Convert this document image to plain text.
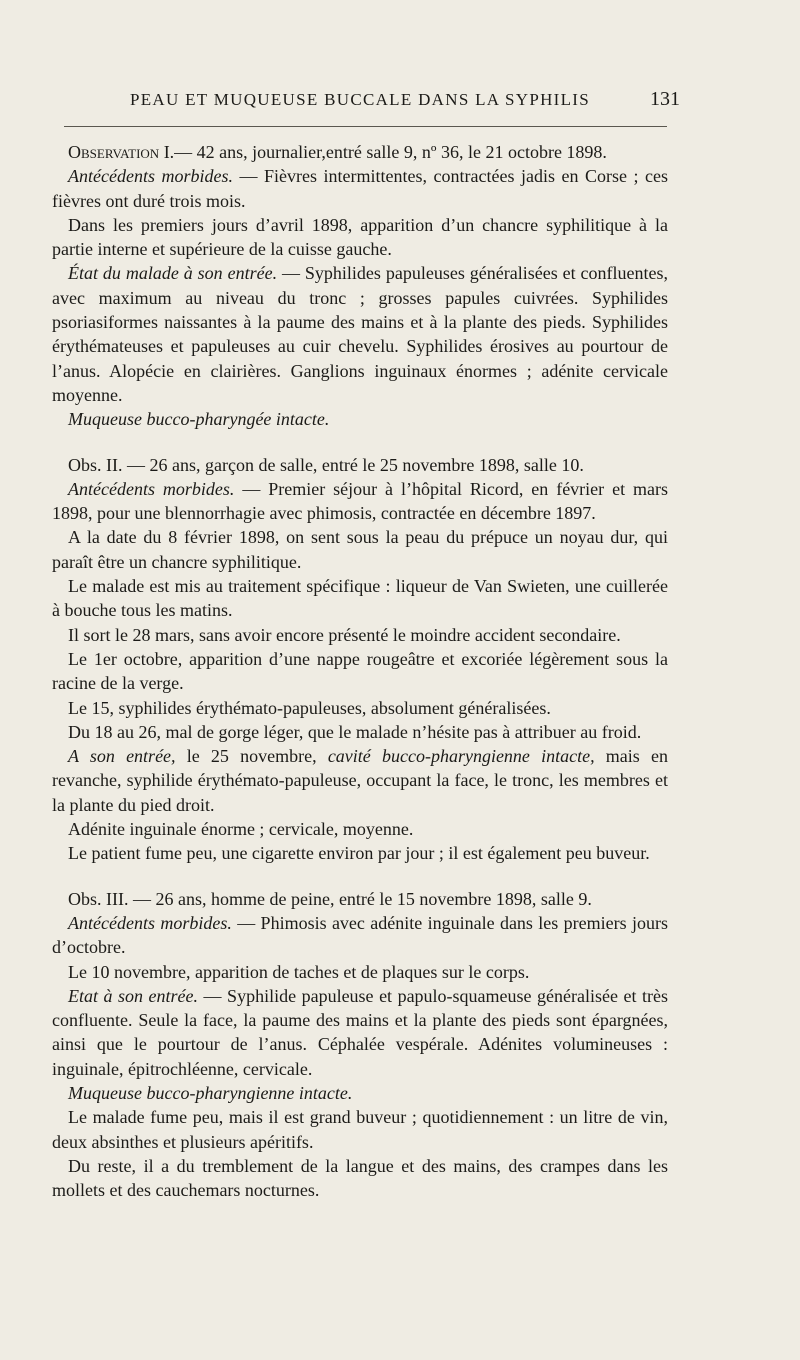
PEAU ET MUQUEUSE BUCCALE DANS LA SYPHILIS	131

Observation I.— 42 ans, journalier,entré salle 9, nº 36, le 21 octobre 1898.

Antécédents morbides. — Fièvres intermittentes, contractées jadis en Corse ; ces fièvres ont duré trois mois.

Dans les premiers jours d’avril 1898, apparition d’un chancre syphilitique à la partie interne et supérieure de la cuisse gauche.

État du malade à son entrée. — Syphilides papuleuses généralisées et confluentes, avec maximum au niveau du tronc ; grosses papules cuivrées. Syphilides psoriasiformes naissantes à la paume des mains et à la plante des pieds. Syphilides érythémateuses et papuleuses au cuir chevelu. Syphilides érosives au pourtour de l’anus. Alopécie en clairières. Ganglions inguinaux énormes ; adénite cervicale moyenne.

Muqueuse bucco-pharyngée intacte.

Obs. II. — 26 ans, garçon de salle, entré le 25 novembre 1898, salle 10.

Antécédents morbides. — Premier séjour à l’hôpital Ricord, en février et mars 1898, pour une blennorrhagie avec phimosis, contractée en décembre 1897.

A la date du 8 février 1898, on sent sous la peau du prépuce un noyau dur, qui paraît être un chancre syphilitique.

Le malade est mis au traitement spécifique : liqueur de Van Swieten, une cuillerée à bouche tous les matins.

Il sort le 28 mars, sans avoir encore présenté le moindre accident secondaire.

Le 1er octobre, apparition d’une nappe rougeâtre et excoriée légèrement sous la racine de la verge.

Le 15, syphilides érythémato-papuleuses, absolument généralisées.

Du 18 au 26, mal de gorge léger, que le malade n’hésite pas à attribuer au froid.

A son entrée, le 25 novembre, cavité bucco-pharyngienne intacte, mais en revanche, syphilide érythémato-papuleuse, occupant la face, le tronc, les membres et la plante du pied droit.

Adénite inguinale énorme ; cervicale, moyenne.

Le patient fume peu, une cigarette environ par jour ; il est également peu buveur.

Obs. III. — 26 ans, homme de peine, entré le 15 novembre 1898, salle 9.

Antécédents morbides. — Phimosis avec adénite inguinale dans les premiers jours d’octobre.

Le 10 novembre, apparition de taches et de plaques sur le corps.

Etat à son entrée. — Syphilide papuleuse et papulo-squameuse généralisée et très confluente. Seule la face, la paume des mains et la plante des pieds sont épargnées, ainsi que le pourtour de l’anus. Céphalée vespérale. Adénites volumineuses : inguinale, épitrochléenne, cervicale.

Muqueuse bucco-pharyngienne intacte.

Le malade fume peu, mais il est grand buveur ; quotidiennement : un litre de vin, deux absinthes et plusieurs apéritifs.

Du reste, il a du tremblement de la langue et des mains, des crampes dans les mollets et des cauchemars nocturnes.
